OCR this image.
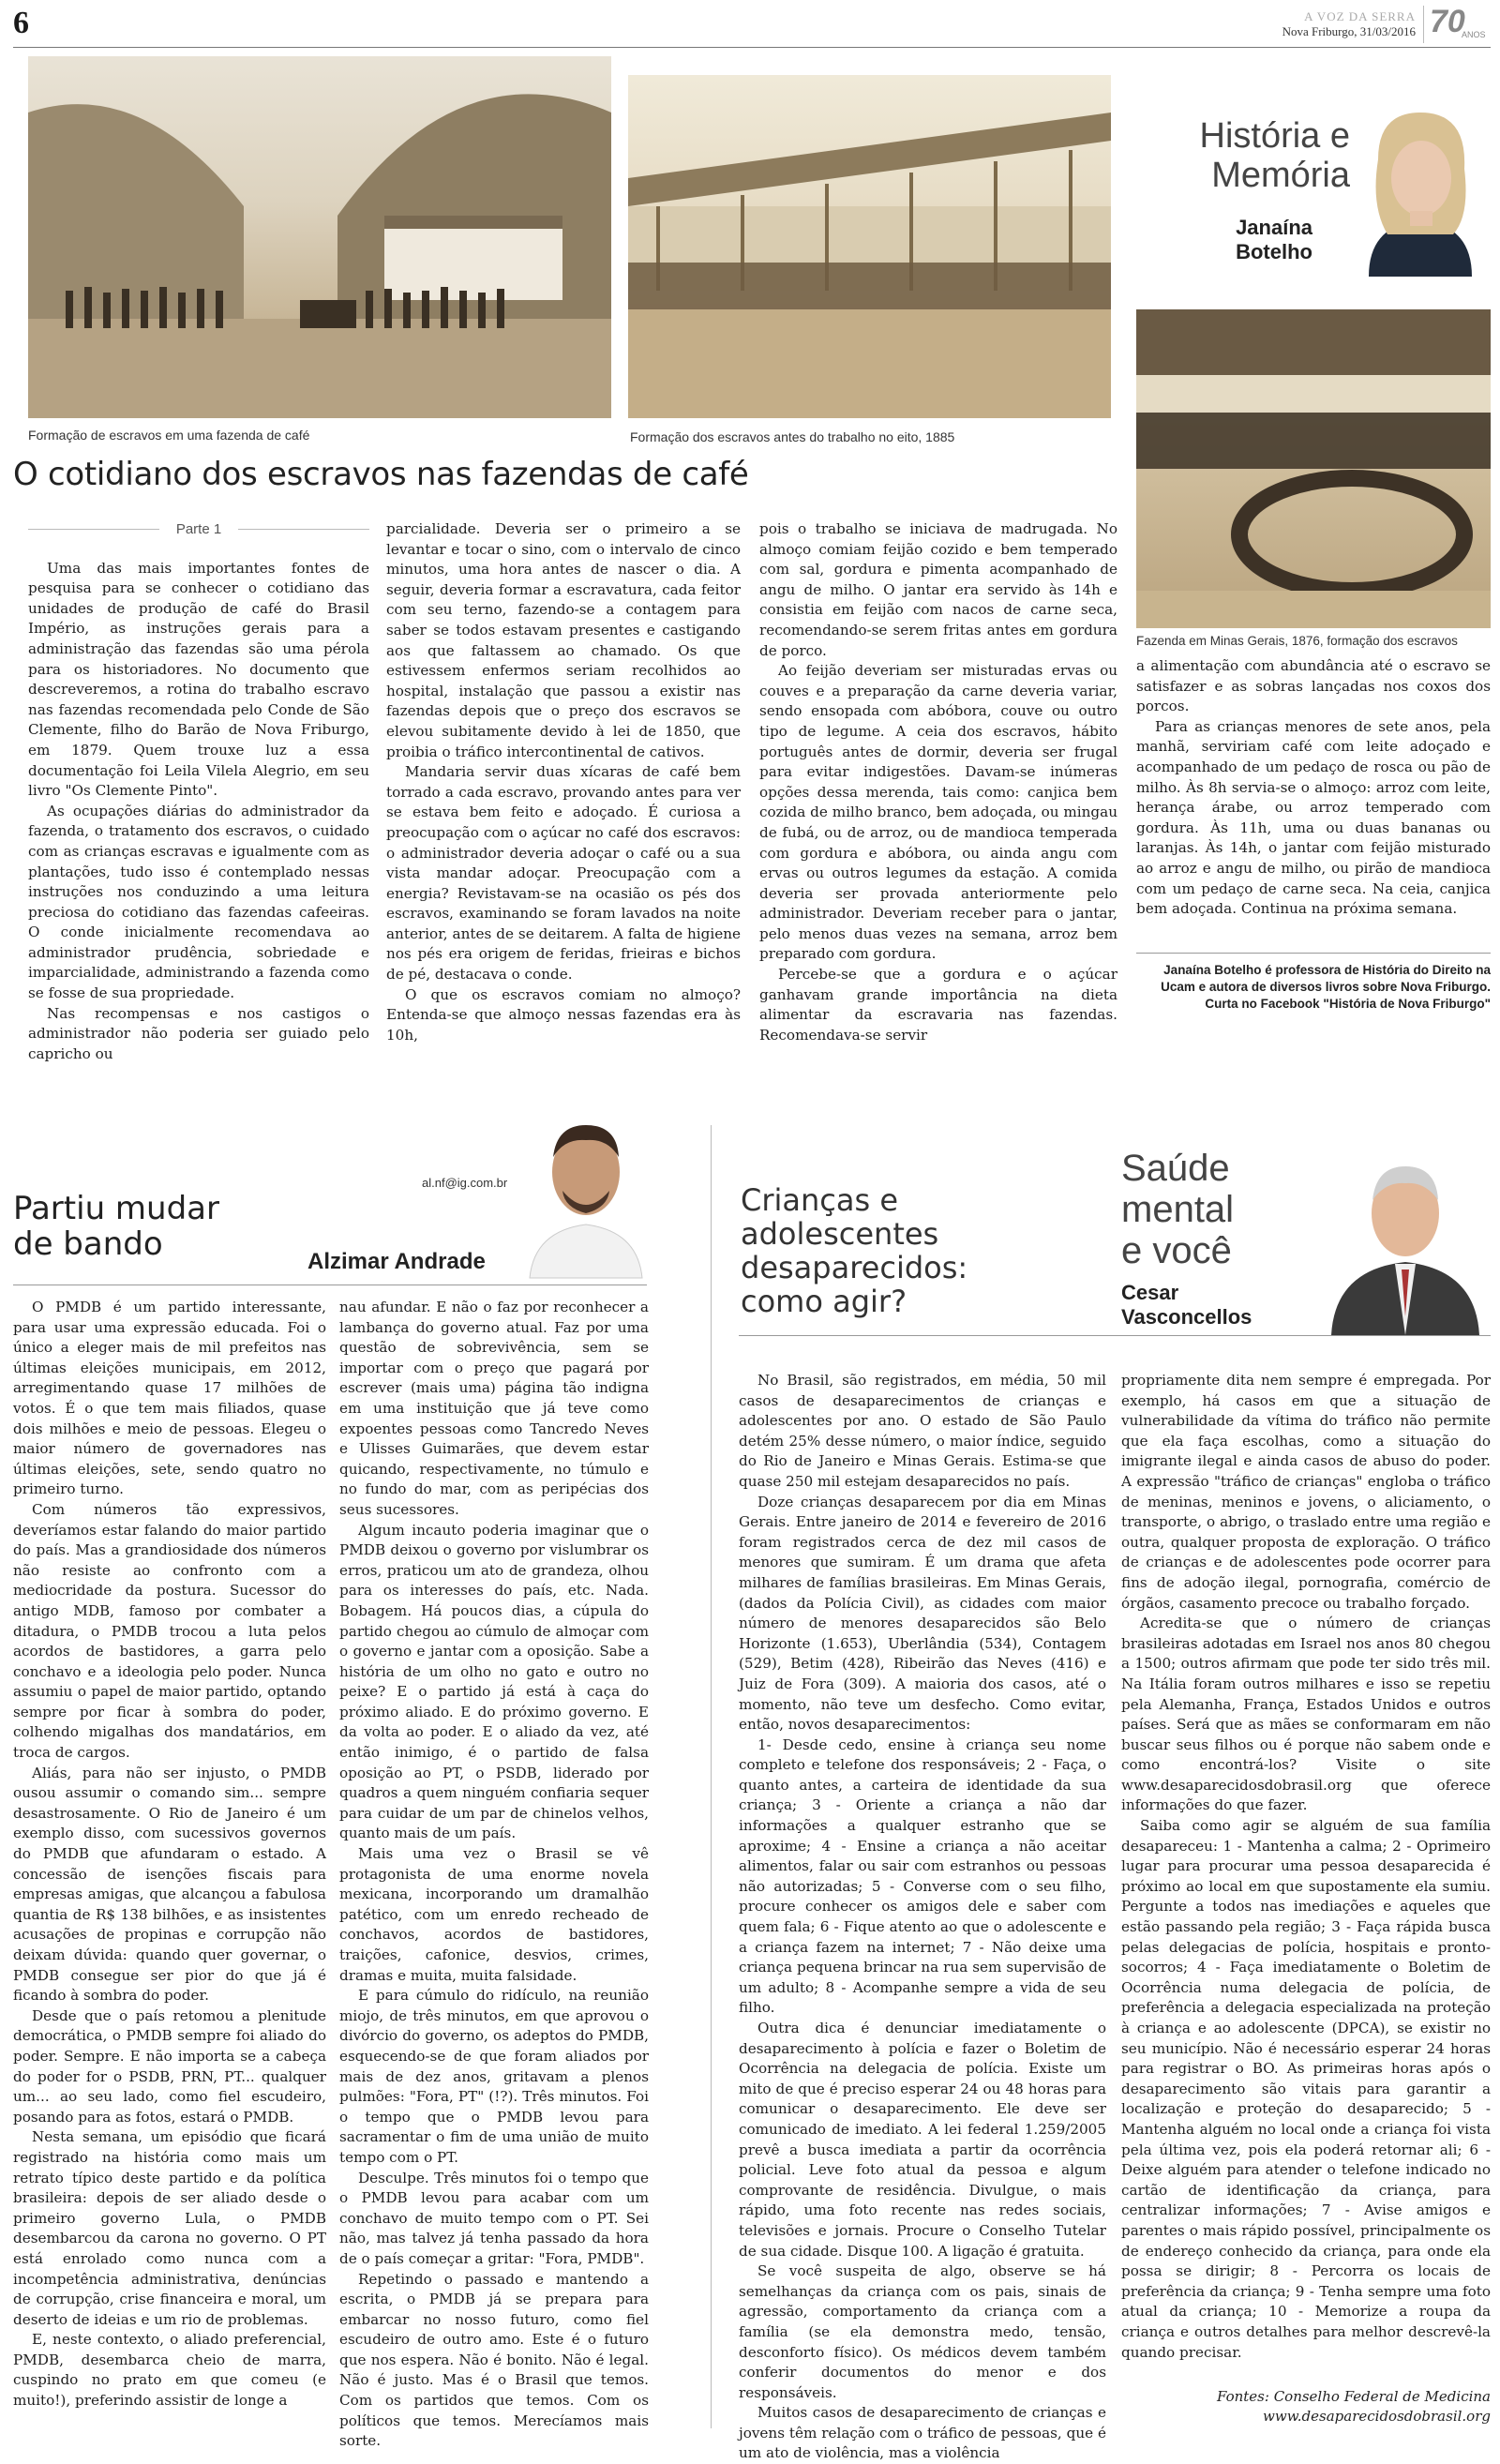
6	A VOZ DA SERRA
Nova Friburgo, 31/03/2016 70
ANOS
Formação de escravos em uma fazenda de café	Formação dos escravos antes do trabalho no eito, 1885
História e
Memória
Janaína
Botelho
Fazenda em Minas Gerais, 1876, formação dos escravos
O cotidiano dos escravos nas fazendas de café
Parte 1

Uma das mais importantes fontes de pesquisa para se conhecer o cotidiano das unidades de produção de café do Brasil Império, as instruções gerais para a administração das fazendas são uma pérola para os historiadores. No documento que descreveremos, a rotina do trabalho escravo nas fazendas recomendada pelo Conde de São Clemente, filho do Barão de Nova Friburgo, em 1879. Quem trouxe luz a essa documentação foi Leila Vilela Alegrio, em seu livro "Os Clemente Pinto".

As ocupações diárias do administrador da fazenda, o tratamento dos escravos, o cuidado com as crianças escravas e igualmente com as plantações, tudo isso é contemplado nessas instruções nos conduzindo a uma leitura preciosa do cotidiano das fazendas cafeeiras. O conde inicialmente recomendava ao administrador prudência, sobriedade e imparcialidade, administrando a fazenda como se fosse de sua propriedade.

Nas recompensas e nos castigos o administrador não poderia ser guiado pelo capricho ou

parcialidade. Deveria ser o primeiro a se levantar e tocar o sino, com o intervalo de cinco minutos, uma hora antes de nascer o dia. A seguir, deveria formar a escravatura, cada feitor com seu terno, fazendo-se a contagem para saber se todos estavam presentes e castigando aos que faltassem ao chamado. Os que estivessem enfermos seriam recolhidos ao hospital, instalação que passou a existir nas fazendas depois que o preço dos escravos se elevou subitamente devido à lei de 1850, que proibia o tráfico intercontinental de cativos.

Mandaria servir duas xícaras de café bem torrado a cada escravo, provando antes para ver se estava bem feito e adoçado. É curiosa a preocupação com o açúcar no café dos escravos: o administrador deveria adoçar o café ou a sua vista mandar adoçar. Preocupação com a energia? Revistavam-se na ocasião os pés dos escravos, examinando se foram lavados na noite anterior, antes de se deitarem. A falta de higiene nos pés era origem de feridas, frieiras e bichos de pé, destacava o conde.

O que os escravos comiam no almoço? Entenda-se que almoço nessas fazendas era às 10h,

pois o trabalho se iniciava de madrugada. No almoço comiam feijão cozido e bem temperado com sal, gordura e pimenta acompanhado de angu de milho. O jantar era servido às 14h e consistia em feijão com nacos de carne seca, recomendando-se serem fritas antes em gordura de porco.

Ao feijão deveriam ser misturadas ervas ou couves e a preparação da carne deveria variar, sendo ensopada com abóbora, couve ou outro tipo de legume. A ceia dos escravos, hábito português antes de dormir, deveria ser frugal para evitar indigestões. Davam-se inúmeras opções dessa merenda, tais como: canjica bem cozida de milho branco, bem adoçada, ou mingau de fubá, ou de arroz, ou de mandioca temperada com gordura e abóbora, ou ainda angu com ervas ou outros legumes da estação. A comida deveria ser provada anteriormente pelo administrador. Deveriam receber para o jantar, pelo menos duas vezes na semana, arroz bem preparado com gordura.

Percebe-se que a gordura e o açúcar ganhavam grande importância na dieta alimentar da escravaria nas fazendas. Recomendava-se servir

a alimentação com abundância até o escravo se satisfazer e as sobras lançadas nos coxos dos porcos.

Para as crianças menores de sete anos, pela manhã, serviriam café com leite adoçado e acompanhado de um pedaço de rosca ou pão de milho. Às 8h servia-se o almoço: arroz com leite, herança árabe, ou arroz temperado com gordura. Às 11h, uma ou duas bananas ou laranjas. Às 14h, o jantar com feijão misturado ao arroz e angu de milho, ou pirão de mandioca com um pedaço de carne seca. Na ceia, canjica bem adoçada. Continua na próxima semana.

Janaína Botelho é professora de História do Direito na Ucam e autora de diversos livros sobre Nova Friburgo. Curta no Facebook "História de Nova Friburgo"
Partiu mudar
de bando
al.nf@ig.com.br
Alzimar Andrade

O PMDB é um partido interessante, para usar uma expressão educada. Foi o único a eleger mais de mil prefeitos nas últimas eleições municipais, em 2012, arregimentando quase 17 milhões de votos. É o que tem mais filiados, quase dois milhões e meio de pessoas. Elegeu o maior número de governadores nas últimas eleições, sete, sendo quatro no primeiro turno.

Com números tão expressivos, deveríamos estar falando do maior partido do país. Mas a grandiosidade dos números não resiste ao confronto com a mediocridade da postura. Sucessor do antigo MDB, famoso por combater a ditadura, o PMDB trocou a luta pelos acordos de bastidores, a garra pelo conchavo e a ideologia pelo poder. Nunca assumiu o papel de maior partido, optando sempre por ficar à sombra do poder, colhendo migalhas dos mandatários, em troca de cargos.

Aliás, para não ser injusto, o PMDB ousou assumir o comando sim... sempre desastrosamente. O Rio de Janeiro é um exemplo disso, com sucessivos governos do PMDB que afundaram o estado. A concessão de isenções fiscais para empresas amigas, que alcançou a fabulosa quantia de R$ 138 bilhões, e as insistentes acusações de propinas e corrupção não deixam dúvida: quando quer governar, o PMDB consegue ser pior do que já é ficando à sombra do poder.

Desde que o país retomou a plenitude democrática, o PMDB sempre foi aliado do poder. Sempre. E não importa se a cabeça do poder for o PSDB, PRN, PT... qualquer um... ao seu lado, como fiel escudeiro, posando para as fotos, estará o PMDB.

Nesta semana, um episódio que ficará registrado na história como mais um retrato típico deste partido e da política brasileira: depois de ser aliado desde o primeiro governo Lula, o PMDB desembarcou da carona no governo. O PT está enrolado como nunca com a incompetência administrativa, denúncias de corrupção, crise financeira e moral, um deserto de ideias e um rio de problemas.

E, neste contexto, o aliado preferencial, PMDB, desembarca cheio de marra, cuspindo no prato em que comeu (e muito!), preferindo assistir de longe a

nau afundar. E não o faz por reconhecer a lambança do governo atual. Faz por uma questão de sobrevivência, sem se importar com o preço que pagará por escrever (mais uma) página tão indigna em uma instituição que já teve como expoentes pessoas como Tancredo Neves e Ulisses Guimarães, que devem estar quicando, respectivamente, no túmulo e no fundo do mar, com as peripécias dos seus sucessores.

Algum incauto poderia imaginar que o PMDB deixou o governo por vislumbrar os erros, praticou um ato de grandeza, olhou para os interesses do país, etc. Nada. Bobagem. Há poucos dias, a cúpula do partido chegou ao cúmulo de almoçar com o governo e jantar com a oposição. Sabe a história de um olho no gato e outro no peixe? E o partido já está à caça do próximo aliado. E do próximo governo. E da volta ao poder. E o aliado da vez, até então inimigo, é o partido de falsa oposição ao PT, o PSDB, liderado por quadros a quem ninguém confiaria sequer para cuidar de um par de chinelos velhos, quanto mais de um país.

Mais uma vez o Brasil se vê protagonista de uma enorme novela mexicana, incorporando um dramalhão patético, com um enredo recheado de conchavos, acordos de bastidores, traições, cafonice, desvios, crimes, dramas e muita, muita falsidade.

E para cúmulo do ridículo, na reunião miojo, de três minutos, em que aprovou o divórcio do governo, os adeptos do PMDB, esquecendo-se de que foram aliados por mais de dez anos, gritavam a plenos pulmões: "Fora, PT" (!?). Três minutos. Foi o tempo que o PMDB levou para sacramentar o fim de uma união de muito tempo com o PT.

Desculpe. Três minutos foi o tempo que o PMDB levou para acabar com um conchavo de muito tempo com o PT. Sei não, mas talvez já tenha passado da hora de o país começar a gritar: "Fora, PMDB".

Repetindo o passado e mantendo a escrita, o PMDB já se prepara para embarcar no nosso futuro, como fiel escudeiro de outro amo. Este é o futuro que nos espera. Não é bonito. Não é legal. Não é justo. Mas é o Brasil que temos. Com os partidos que temos. Com os políticos que temos. Merecíamos mais sorte.

Crianças e
adolescentes
desaparecidos:
como agir?
Saúde
mental
e você
Cesar
Vasconcellos

No Brasil, são registrados, em média, 50 mil casos de desaparecimentos de crianças e adolescentes por ano. O estado de São Paulo detém 25% desse número, o maior índice, seguido do Rio de Janeiro e Minas Gerais. Estima-se que quase 250 mil estejam desaparecidos no país.

Doze crianças desaparecem por dia em Minas Gerais. Entre janeiro de 2014 e fevereiro de 2016 foram registrados cerca de dez mil casos de menores que sumiram. É um drama que afeta milhares de famílias brasileiras. Em Minas Gerais, (dados da Polícia Civil), as cidades com maior número de menores desaparecidos são Belo Horizonte (1.653), Uberlândia (534), Contagem (529), Betim (428), Ribeirão das Neves (416) e Juiz de Fora (309). A maioria dos casos, até o momento, não teve um desfecho. Como evitar, então, novos desaparecimentos:

1- Desde cedo, ensine à criança seu nome completo e telefone dos responsáveis; 2 - Faça, o quanto antes, a carteira de identidade da sua criança; 3 - Oriente a criança a não dar informações a qualquer estranho que se aproxime; 4 - Ensine a criança a não aceitar alimentos, falar ou sair com estranhos ou pessoas não autorizadas; 5 - Converse com o seu filho, procure conhecer os amigos dele e saber com quem fala; 6 - Fique atento ao que o adolescente e a criança fazem na internet; 7 - Não deixe uma criança pequena brincar na rua sem supervisão de um adulto; 8 - Acompanhe sempre a vida de seu filho.

Outra dica é denunciar imediatamente o desaparecimento à polícia e fazer o Boletim de Ocorrência na delegacia de polícia. Existe um mito de que é preciso esperar 24 ou 48 horas para comunicar o desaparecimento. Ele deve ser comunicado de imediato. A lei federal 1.259/2005 prevê a busca imediata a partir da ocorrência policial. Leve foto atual da pessoa e algum comprovante de residência. Divulgue, o mais rápido, uma foto recente nas redes sociais, televisões e jornais. Procure o Conselho Tutelar de sua cidade. Disque 100. A ligação é gratuita.

Se você suspeita de algo, observe se há semelhanças da criança com os pais, sinais de agressão, comportamento da criança com a família (se ela demonstra medo, tensão, desconforto físico). Os médicos devem também conferir documentos do menor e dos responsáveis.

Muitos casos de desaparecimento de crianças e jovens têm relação com o tráfico de pessoas, que é um ato de violência, mas a violência

propriamente dita nem sempre é empregada. Por exemplo, há casos em que a situação de vulnerabilidade da vítima do tráfico não permite que ela faça escolhas, como a situação do imigrante ilegal e ainda casos de abuso do poder. A expressão "tráfico de crianças" engloba o tráfico de meninas, meninos e jovens, o aliciamento, o transporte, o abrigo, o traslado entre uma região e outra, qualquer proposta de exploração. O tráfico de crianças e de adolescentes pode ocorrer para fins de adoção ilegal, pornografia, comércio de órgãos, casamento precoce ou trabalho forçado.

Acredita-se que o número de crianças brasileiras adotadas em Israel nos anos 80 chegou a 1500; outros afirmam que pode ter sido três mil. Na Itália foram outros milhares e isso se repetiu pela Alemanha, França, Estados Unidos e outros países. Será que as mães se conformaram em não buscar seus filhos ou é porque não sabem onde e como encontrá-los? Visite o site www.desaparecidosdobrasil.org que oferece informações do que fazer.

Saiba como agir se alguém de sua família desapareceu: 1 - Mantenha a calma; 2 - Oprimeiro lugar para procurar uma pessoa desaparecida é próximo ao local em que supostamente ela sumiu. Pergunte a todos nas imediações e aqueles que estão passando pela região; 3 - Faça rápida busca pelas delegacias de polícia, hospitais e pronto-socorros; 4 - Faça imediatamente o Boletim de Ocorrência numa delegacia de polícia, de preferência a delegacia especializada na proteção à criança e ao adolescente (DPCA), se existir no seu município. Não é necessário esperar 24 horas para registrar o BO. As primeiras horas após o desaparecimento são vitais para garantir a localização e proteção do desaparecido; 5 - Mantenha alguém no local onde a criança foi vista pela última vez, pois ela poderá retornar ali; 6 - Deixe alguém para atender o telefone indicado no cartão de identificação da criança, para centralizar informações; 7 - Avise amigos e parentes o mais rápido possível, principalmente os de endereço conhecido da criança, para onde ela possa se dirigir; 8 - Percorra os locais de preferência da criança; 9 - Tenha sempre uma foto atual da criança; 10 - Memorize a roupa da criança e outros detalhes para melhor descrevê-la quando precisar.

Fontes: Conselho Federal de Medicina
www.desaparecidosdobrasil.org
